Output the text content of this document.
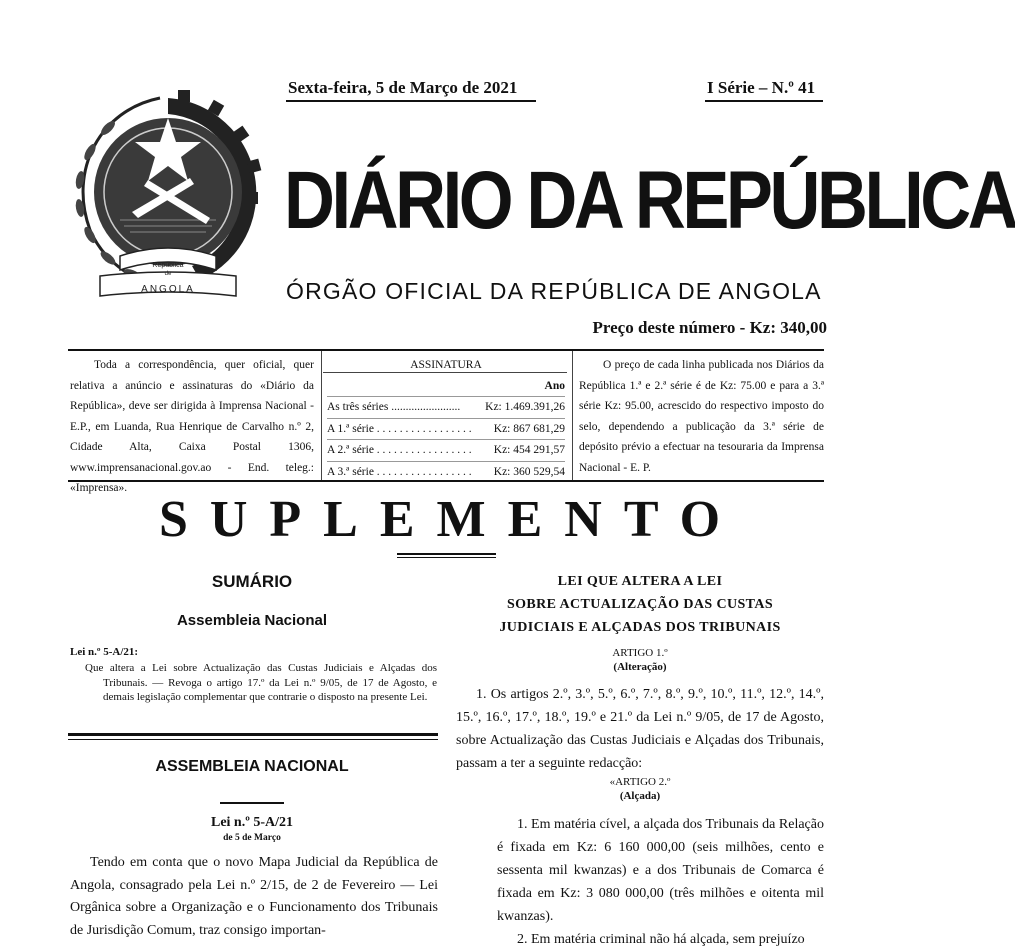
Sexta-feira, 5 de Março de 2021	I Série – N.º 41
República
de
ANGOLA
DIÁRIO DA REPÚBLICA
ÓRGÃO OFICIAL DA REPÚBLICA DE ANGOLA
Preço deste número - Kz: 340,00

Toda a correspondência, quer oficial, quer relativa a anúncio e assinaturas do «Diário da República», deve ser dirigida à Imprensa Nacional - E.P., em Luanda, Rua Henrique de Carvalho n.º 2, Cidade Alta, Caixa Postal 1306, www.imprensanacional.gov.ao - End. teleg.: «Imprensa».

ASSINATURA
Ano
As três séries ........................ Kz: 1.469.391,26
A 1.ª série . . . . . . . . . . . . . . . . . Kz: 867 681,29
A 2.ª série . . . . . . . . . . . . . . . . . Kz: 454 291,57
A 3.ª série . . . . . . . . . . . . . . . . . Kz: 360 529,54

O preço de cada linha publicada nos Diários da República 1.ª e 2.ª série é de Kz: 75.00 e para a 3.ª série Kz: 95.00, acrescido do respectivo imposto do selo, dependendo a publicação da 3.ª série de depósito prévio a efectuar na tesouraria da Imprensa Nacional - E. P.

SUPLEMENTO
SUMÁRIO
Assembleia Nacional
Lei n.º 5-A/21:

Que altera a Lei sobre Actualização das Custas Judiciais e Alçadas dos Tribunais. — Revoga o artigo 17.º da Lei n.º 9/05, de 17 de Agosto, e demais legislação complementar que contrarie o disposto na presente Lei.

ASSEMBLEIA NACIONAL
Lei n.º 5-A/21
de 5 de Março

Tendo em conta que o novo Mapa Judicial da República de Angola, consagrado pela Lei n.º 2/15, de 2 de Fevereiro — Lei Orgânica sobre a Organização e o Funcionamento dos Tribunais de Jurisdição Comum, traz consigo importan-

LEI QUE ALTERA A LEI
SOBRE ACTUALIZAÇÃO DAS CUSTAS
JUDICIAIS E ALÇADAS DOS TRIBUNAIS
ARTIGO 1.º
(Alteração)

1. Os artigos 2.º, 3.º, 5.º, 6.º, 7.º, 8.º, 9.º, 10.º, 11.º, 12.º, 14.º, 15.º, 16.º, 17.º, 18.º, 19.º e 21.º da Lei n.º 9/05, de 17 de Agosto, sobre Actualização das Custas Judiciais e Alçadas dos Tribunais, passam a ter a seguinte redacção:

«ARTIGO 2.º
(Alçada)

1. Em matéria cível, a alçada dos Tribunais da Relação é fixada em Kz: 6 160 000,00 (seis milhões, cento e sessenta mil kwanzas) e a dos Tribunais de Comarca é fixada em Kz: 3 080 000,00 (três milhões e oitenta mil kwanzas).

2. Em matéria criminal não há alçada, sem prejuízo
